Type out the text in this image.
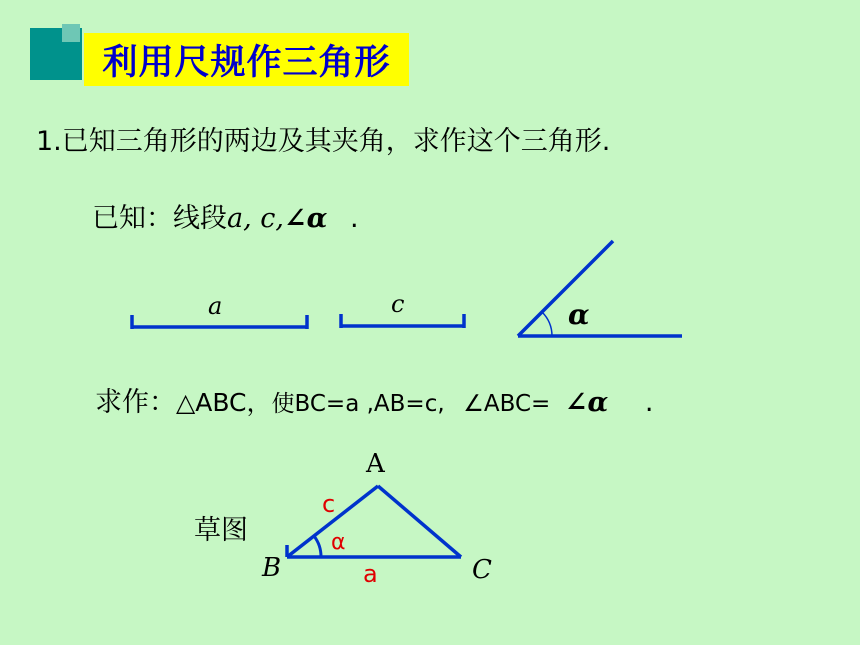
利用尺规作三角形
1.已知三角形的两边及其夹角，求作这个三角形.
已知：线段a, c,∠α .
a	c	α
求作：△ABC，使BC=a ,AB=c, ∠ABC= ∠α .
草图
A
B	C
c
α
a
